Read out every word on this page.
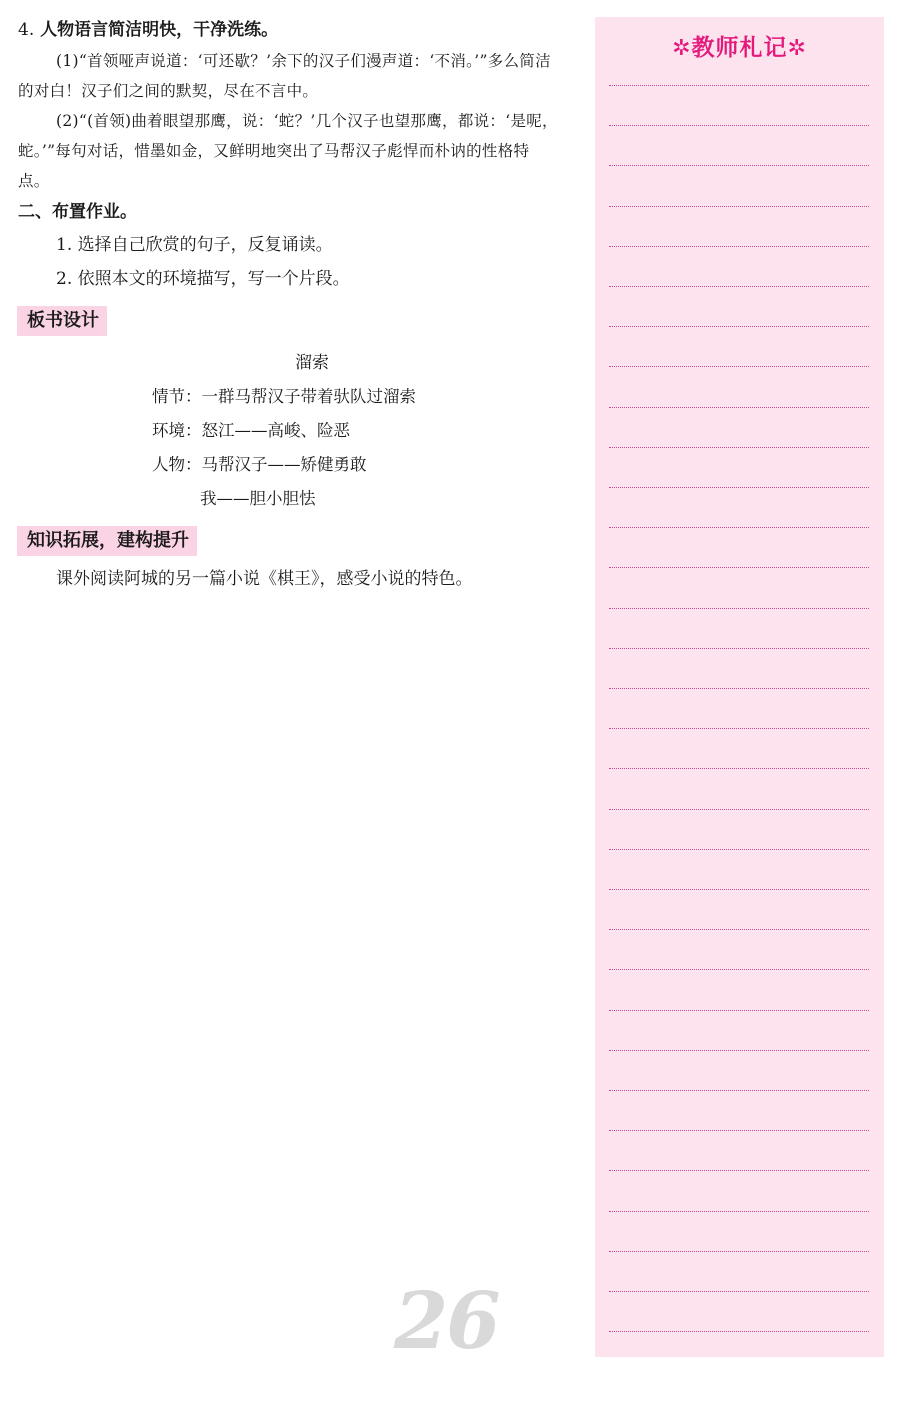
4. 人物语言简洁明快，干净洗练。

(1)“首领哑声说道：‘可还歇？’余下的汉子们漫声道：‘不消。’”多么简洁

的对白！汉子们之间的默契，尽在不言中。

(2)“(首领)曲着眼望那鹰，说：‘蛇？’几个汉子也望那鹰，都说：‘是呢，

蛇。’”每句对话，惜墨如金，又鲜明地突出了马帮汉子彪悍而朴讷的性格特

点。

二、布置作业。

1. 选择自己欣赏的句子，反复诵读。

2. 依照本文的环境描写，写一个片段。

板书设计
溜索
情节：一群马帮汉子带着驮队过溜索
环境：怒江——高峻、险恶
人物：马帮汉子——矫健勇敢
我——胆小胆怯
知识拓展，建构提升

课外阅读阿城的另一篇小说《棋王》，感受小说的特色。

26
✲教师札记✲
